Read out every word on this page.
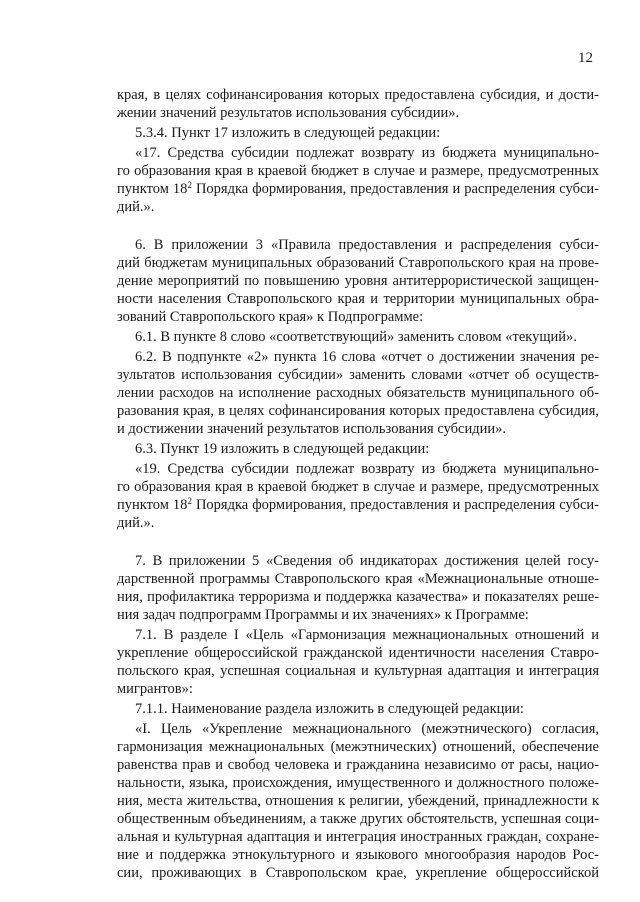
12
края, в целях софинансирования которых предоставлена субсидия, и дости-
жении значений результатов использования субсидии».
5.3.4. Пункт 17 изложить в следующей редакции:
«17. Средства субсидии подлежат возврату из бюджета муниципально-
го образования края в краевой бюджет в случае и размере, предусмотренных
пунктом $18^2$ Порядка формирования, предоставления и распределения субси-
дий.».
6. В приложении 3 «Правила предоставления и распределения субси-
дий бюджетам муниципальных образований Ставропольского края на прове-
дение мероприятий по повышению уровня антитеррористической защищен-
ности населения Ставропольского края и территории муниципальных обра-
зований Ставропольского края» к Подпрограмме:
6.1. В пункте 8 слово «соответствующий» заменить словом «текущий».
6.2. В подпункте «2» пункта 16 слова «отчет о достижении значения ре-
зультатов использования субсидии» заменить словами «отчет об осуществ-
лении расходов на исполнение расходных обязательств муниципального об-
разования края, в целях софинансирования которых предоставлена субсидия,
и достижении значений результатов использования субсидии».
6.3. Пункт 19 изложить в следующей редакции:
«19. Средства субсидии подлежат возврату из бюджета муниципально-
го образования края в краевой бюджет в случае и размере, предусмотренных
пунктом $18^2$ Порядка формирования, предоставления и распределения субси-
дий.».
7. В приложении 5 «Сведения об индикаторах достижения целей госу-
дарственной программы Ставропольского края «Межнациональные отноше-
ния, профилактика терроризма и поддержка казачества» и показателях реше-
ния задач подпрограмм Программы и их значениях» к Программе:
7.1. В разделе I «Цель «Гармонизация межнациональных отношений и
укрепление общероссийской гражданской идентичности населения Ставро-
польского края, успешная социальная и культурная адаптация и интеграция
мигрантов»:
7.1.1. Наименование раздела изложить в следующей редакции:
«I. Цель «Укрепление межнационального (межэтнического) согласия,
гармонизация межнациональных (межэтнических) отношений, обеспечение
равенства прав и свобод человека и гражданина независимо от расы, нацио-
нальности, языка, происхождения, имущественного и должностного положе-
ния, места жительства, отношения к религии, убеждений, принадлежности к
общественным объединениям, а также других обстоятельств, успешная соци-
альная и культурная адаптация и интеграция иностранных граждан, сохране-
ние и поддержка этнокультурного и языкового многообразия народов Рос-
сии, проживающих в Ставропольском крае, укрепление общероссийской
